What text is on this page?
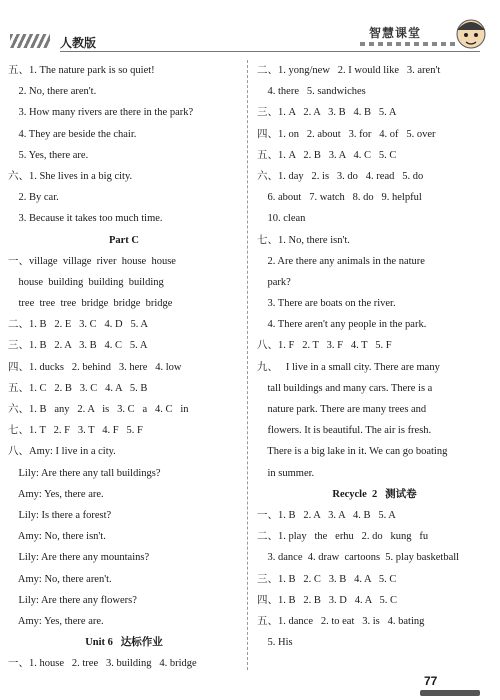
人教版
智慧课堂
五、1. The nature park is so quiet!
2. No, there aren't.
3. How many rivers are there in the park?
4. They are beside the chair.
5. Yes, there are.
六、1. She lives in a big city.
2. By car.
3. Because it takes too much time.
Part C
一、village  village  river  house  house
house  building  building  building
tree  tree  tree  bridge  bridge  bridge
二、1. B   2. E   3. C   4. D   5. A
三、1. B   2. A   3. B   4. C   5. A
四、1. ducks   2. behind   3. here   4. low
五、1. C   2. B   3. C   4. A   5. B
六、1. B   any   2. A   is   3. C   a   4. C   in
七、1. T   2. F   3. T   4. F   5. F
八、Amy: I live in a city.
Lily: Are there any tall buildings?
Amy: Yes, there are.
Lily: Is there a forest?
Amy: No, there isn't.
Lily: Are there any mountains?
Amy: No, there aren't.
Lily: Are there any flowers?
Amy: Yes, there are.
Unit 6   达标作业
一、1. house   2. tree   3. building   4. bridge
二、1. yong/new   2. I would like   3. aren't
4. there   5. sandwiches
三、1. A   2. A   3. B   4. B   5. A
四、1. on   2. about   3. for   4. of   5. over
五、1. A   2. B   3. A   4. C   5. C
六、1. day   2. is   3. do   4. read   5. do
6. about   7. watch   8. do   9. helpful
10. clean
七、1. No, there isn't.
2. Are there any animals in the nature
park?
3. There are boats on the river.
4. There aren't any people in the park.
八、1. F   2. T   3. F   4. T   5. F
九、   I live in a small city. There are many
tall buildings and many cars. There is a
nature park. There are many trees and
flowers. It is beautiful. The air is fresh.
There is a big lake in it. We can go boating
in summer.
Recycle  2   测试卷
一、1. B   2. A   3. A   4. B   5. A
二、1. play   the   erhu   2. do   kung   fu
3. dance  4. draw  cartoons  5. play basketball
三、1. B   2. C   3. B   4. A   5. C
四、1. B   2. B   3. D   4. A   5. C
五、1. dance   2. to eat   3. is   4. bating
5. His
77
